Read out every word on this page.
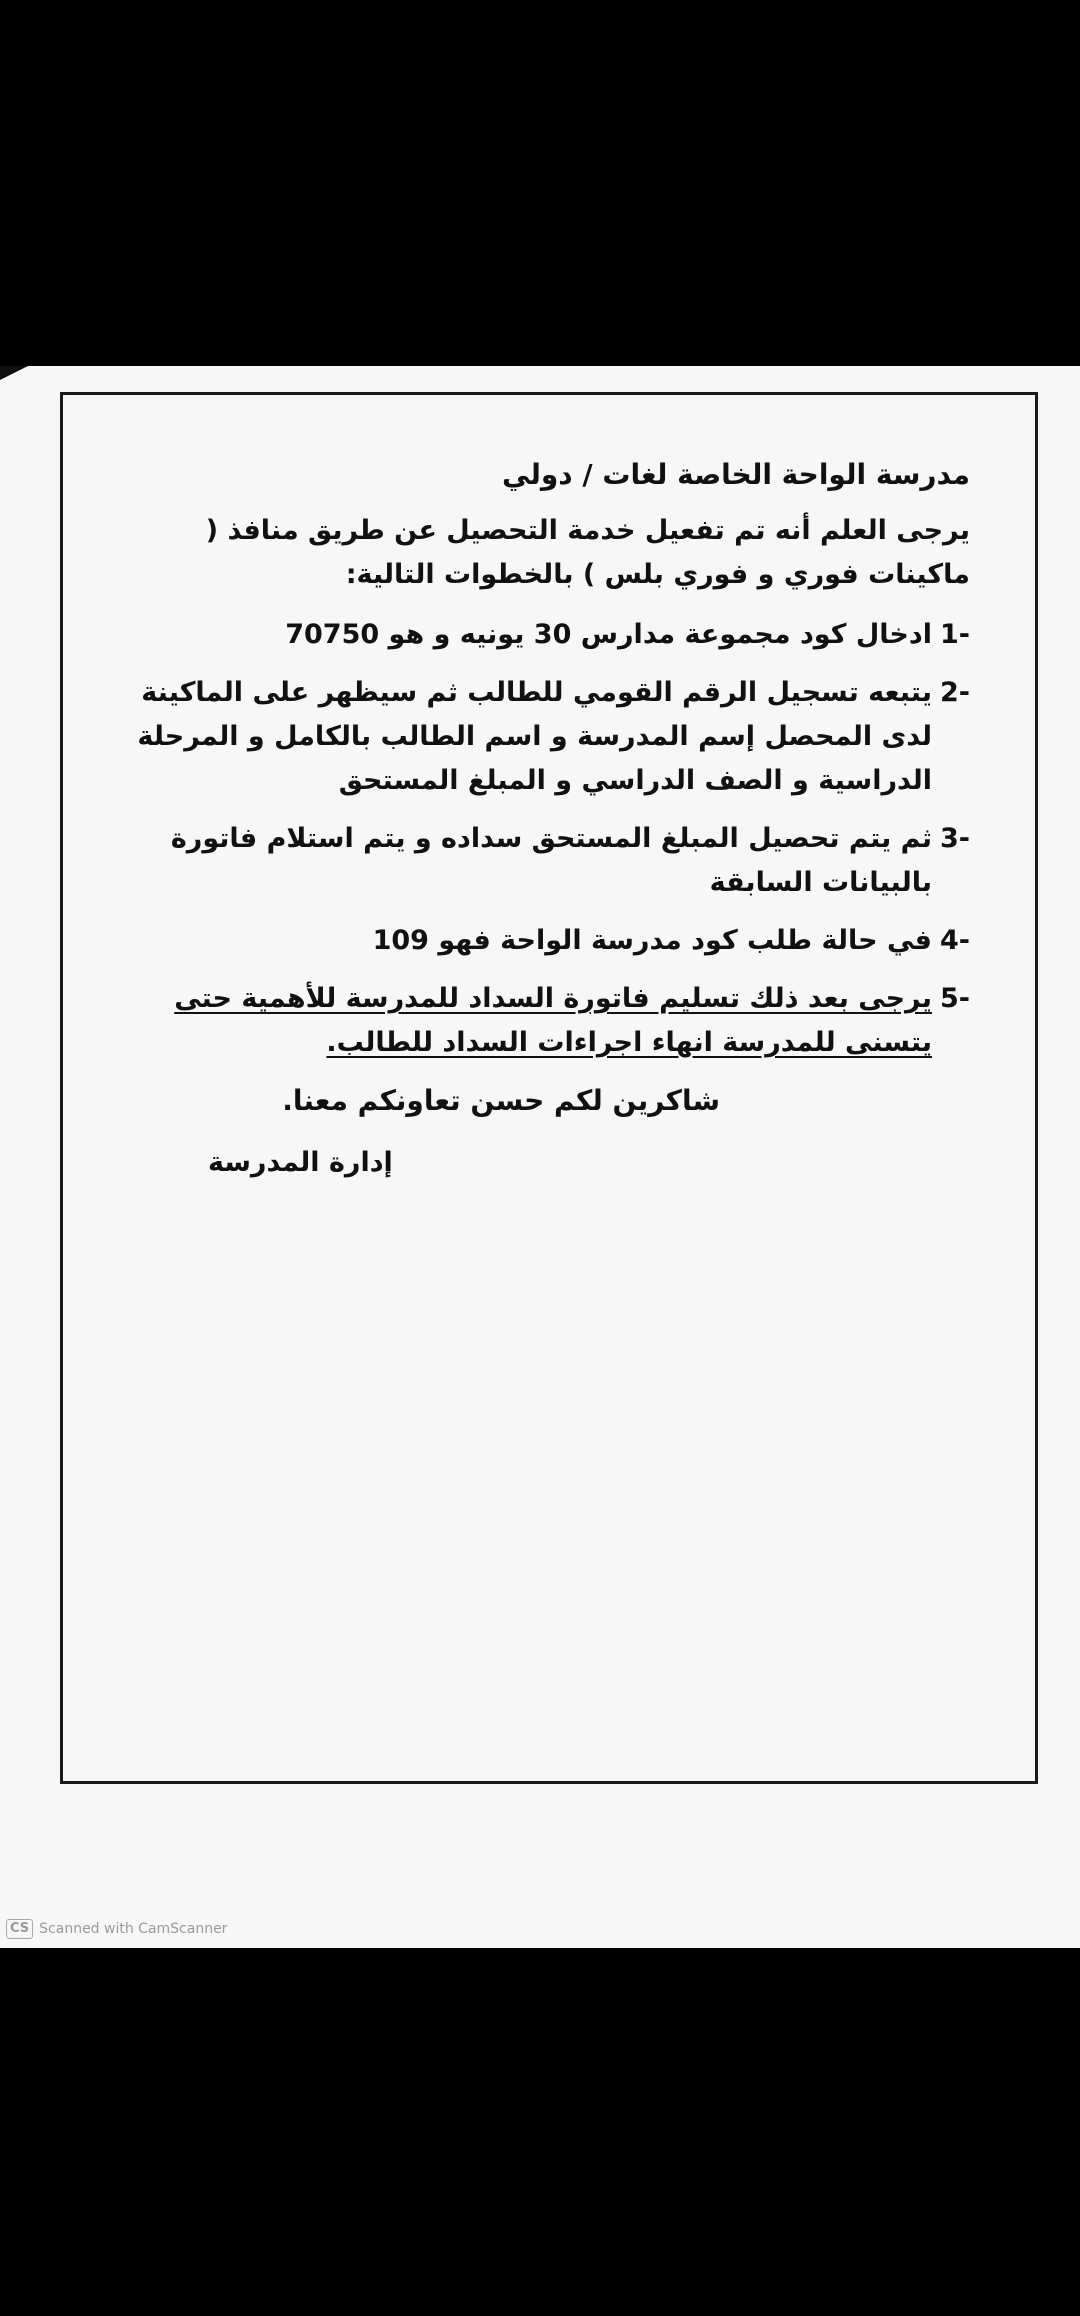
مدرسة الواحة الخاصة لغات / دولي
يرجى العلم أنه تم تفعيل خدمة التحصيل عن طريق منافذ ( ماكينات فوري و فوري بلس ) بالخطوات التالية:
-1
ادخال كود مجموعة مدارس 30 يونيه و هو 70750
-2
يتبعه تسجيل الرقم القومي للطالب ثم سيظهر على الماكينة لدى المحصل إسم المدرسة و اسم الطالب بالكامل و المرحلة الدراسية و الصف الدراسي و المبلغ المستحق
-3
ثم يتم تحصيل المبلغ المستحق سداده و يتم استلام فاتورة بالبيانات السابقة
-4
في حالة طلب كود مدرسة الواحة فهو 109
-5
يرجى بعد ذلك تسليم فاتورة السداد للمدرسة للأهمية حتى يتسنى للمدرسة انهاء اجراءات السداد للطالب.
شاكرين لكم حسن تعاونكم معنا.
إدارة المدرسة
CS Scanned with CamScanner
